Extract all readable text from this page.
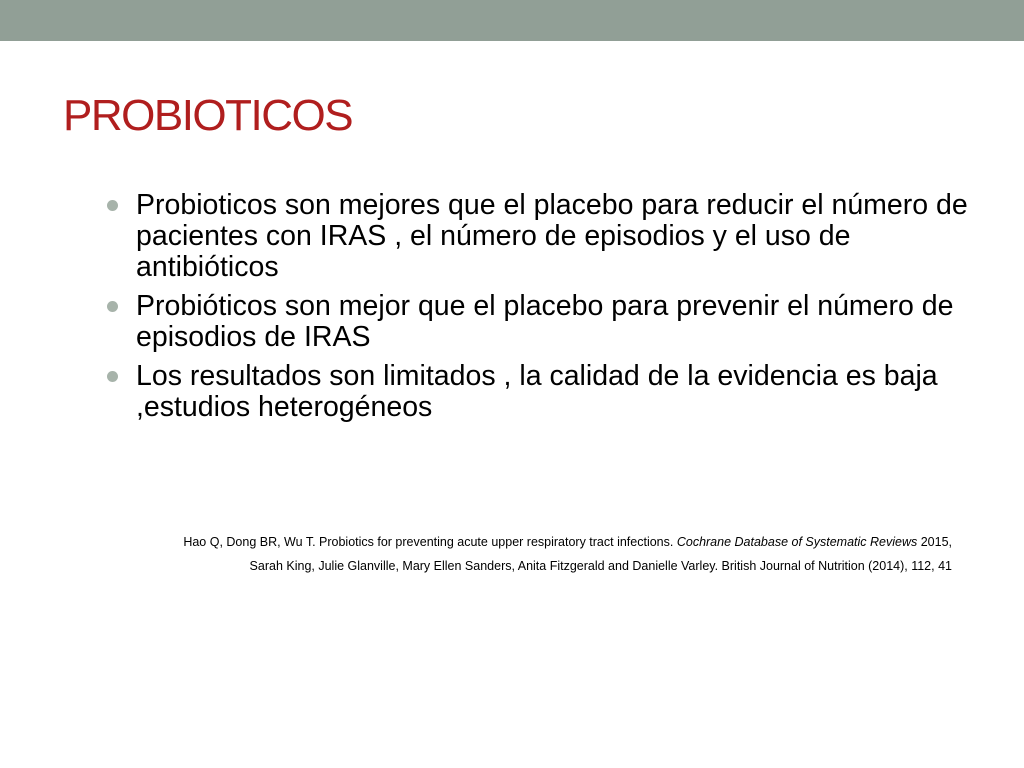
PROBIOTICOS
Probioticos son mejores que el placebo para reducir el número de pacientes con IRAS , el número de episodios y el uso de antibióticos
Probióticos son mejor que el placebo para prevenir el número de episodios de IRAS
Los resultados son limitados , la calidad de la evidencia es baja ,estudios heterogéneos
Hao Q, Dong BR, Wu T. Probiotics for preventing acute upper respiratory tract infections. Cochrane Database of Systematic Reviews 2015,
Sarah King, Julie Glanville, Mary Ellen Sanders, Anita Fitzgerald and Danielle Varley. British Journal of Nutrition (2014), 112, 41
